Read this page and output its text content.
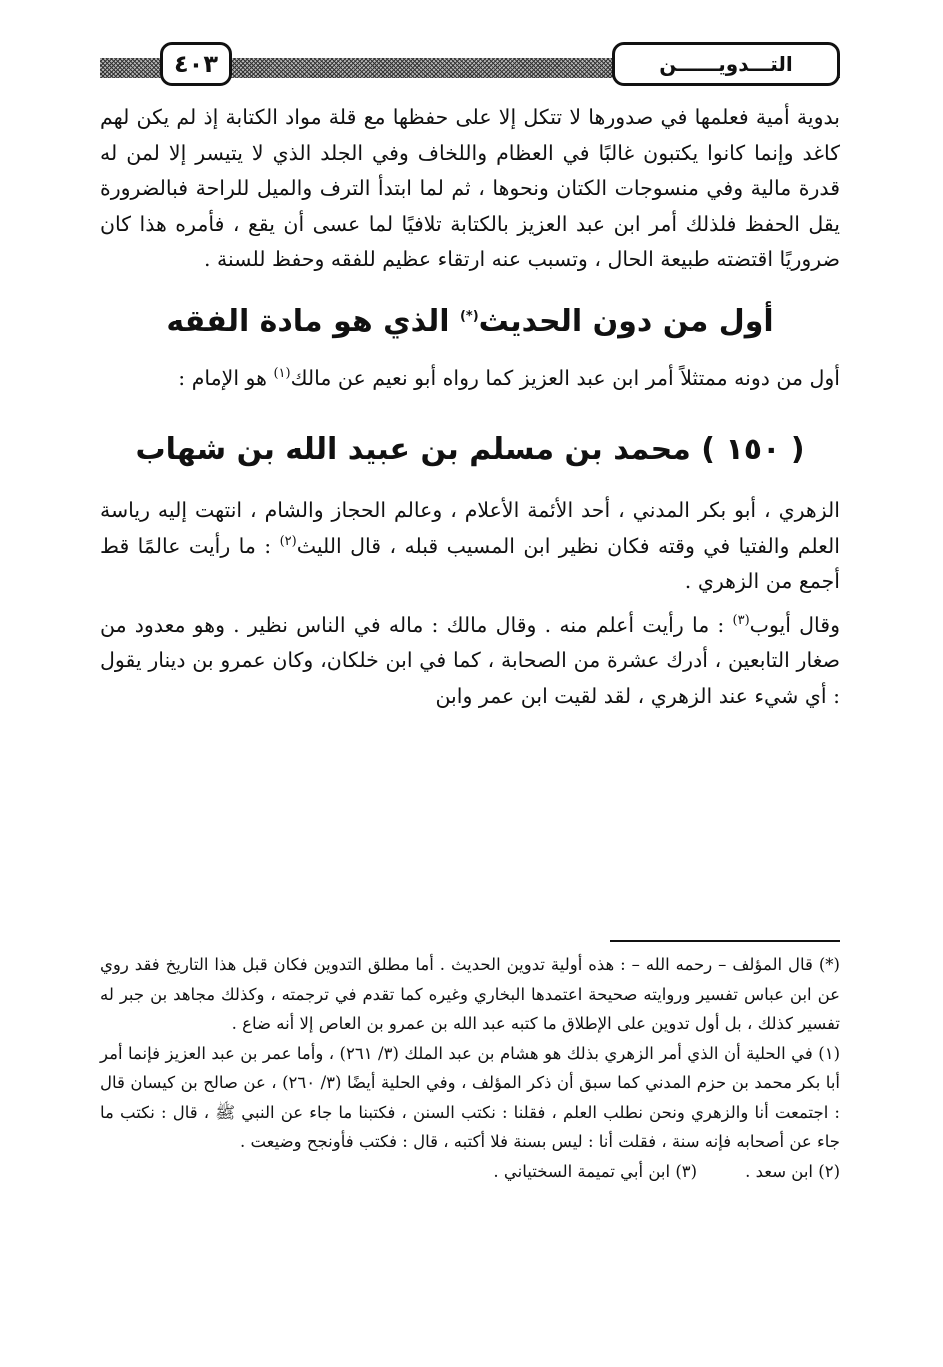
التـــدويــــــن
٤٠٣

بدوية أمية فعلمها في صدورها لا تتكل إلا على حفظها مع قلة مواد الكتابة إذ لم يكن لهم كاغد وإنما كانوا يكتبون غالبًا في العظام واللخاف وفي الجلد الذي لا يتيسر إلا لمن له قدرة مالية وفي منسوجات الكتان ونحوها ، ثم لما ابتدأ الترف والميل للراحة فبالضرورة يقل الحفظ فلذلك أمر ابن عبد العزيز بالكتابة تلافيًا لما عسى أن يقع ، فأمره هذا كان ضروريًا اقتضته طبيعة الحال ، وتسبب عنه ارتقاء عظيم للفقه وحفظ للسنة .

أول من دون الحديث(*) الذي هو مادة الفقه

أول من دونه ممتثلاً أمر ابن عبد العزيز كما رواه أبو نعيم عن مالك$^{(١)}$ هو الإمام :

( ١٥٠ ) محمد بن مسلم بن عبيد الله بن شهاب

الزهري ، أبو بكر المدني ، أحد الأئمة الأعلام ، وعالم الحجاز والشام ، انتهت إليه رياسة العلم والفتيا في وقته فكان نظير ابن المسيب قبله ، قال الليث$^{(٢)}$ : ما رأيت عالمًا قط أجمع من الزهري .

وقال أيوب$^{(٣)}$ : ما رأيت أعلم منه . وقال مالك : ماله في الناس نظير . وهو معدود من صغار التابعين ، أدرك عشرة من الصحابة ، كما في ابن خلكان، وكان عمرو بن دينار يقول : أي شيء عند الزهري ، لقد لقيت ابن عمر وابن

(*) قال المؤلف – رحمه الله – : هذه أولية تدوين الحديث . أما مطلق التدوين فكان قبل هذا التاريخ فقد روي عن ابن عباس تفسير وروايته صحيحة اعتمدها البخاري وغيره كما تقدم في ترجمته ، وكذلك مجاهد بن جبر له تفسير كذلك ، بل أول تدوين على الإطلاق ما كتبه عبد الله بن عمرو بن العاص إلا أنه ضاع .

(١) في الحلية أن الذي أمر الزهري بذلك هو هشام بن عبد الملك (٣/ ٢٦١) ، وأما عمر بن عبد العزيز فإنما أمر أبا بكر محمد بن حزم المدني كما سبق أن ذكر المؤلف ، وفي الحلية أيضًا (٣/ ٢٦٠) ، عن صالح بن كيسان قال : اجتمعت أنا والزهري ونحن نطلب العلم ، فقلنا : نكتب السنن ، فكتبنا ما جاء عن النبي ﷺ ، قال : نكتب ما جاء عن أصحابه فإنه سنة ، فقلت أنا : ليس بسنة فلا أكتبه ، قال : فكتب فأونجح وضيعت .

(٢) ابن سعد .
(٣) ابن أبي تميمة السختياني .
